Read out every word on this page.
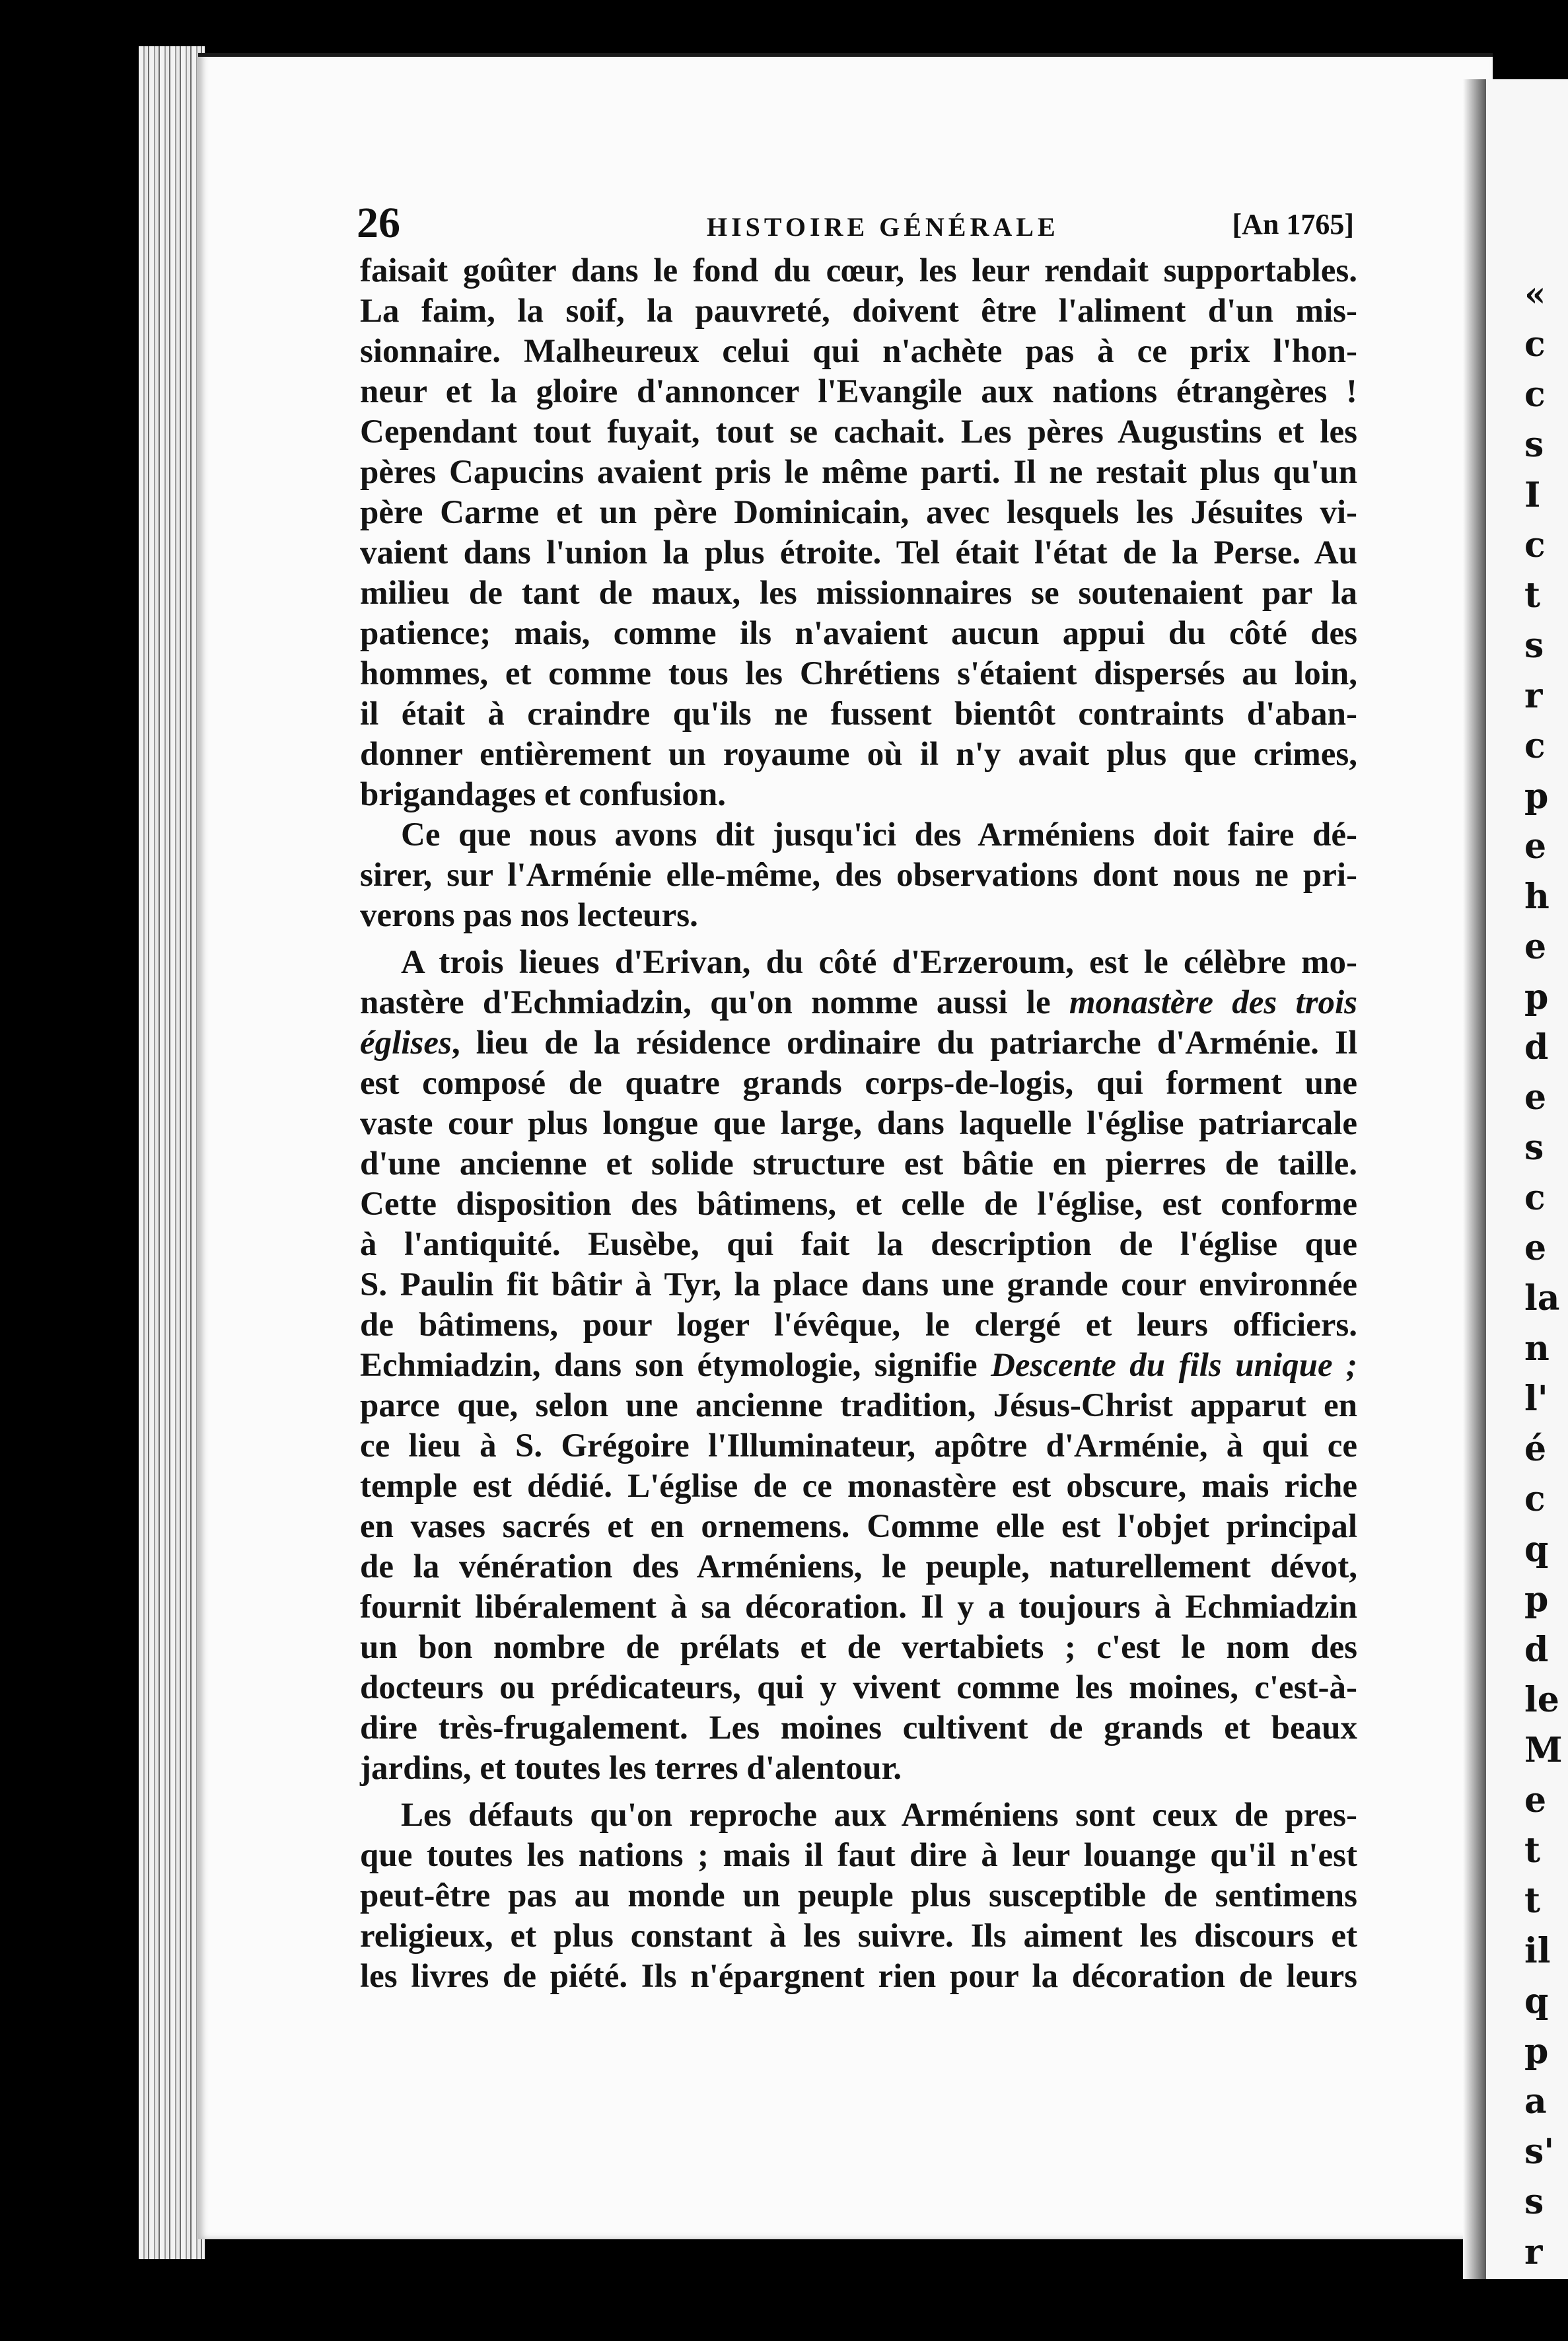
«
c
c
s
I
c
t
s
r
c
p
e
h
e
p
d
e
s
c
e
la
n
l'
é
c
q
p
d
le
M
e
t
t
il
q
p
a
s'
s
r
26	HISTOIRE GÉNÉRALE	[An 1765]
faisait goûter dans le fond du cœur, les leur rendait supportables.
La faim, la soif, la pauvreté, doivent être l'aliment d'un mis-
sionnaire. Malheureux celui qui n'achète pas à ce prix l'hon-
neur et la gloire d'annoncer l'Evangile aux nations étrangères !
Cependant tout fuyait, tout se cachait. Les pères Augustins et les
pères Capucins avaient pris le même parti. Il ne restait plus qu'un
père Carme et un père Dominicain, avec lesquels les Jésuites vi-
vaient dans l'union la plus étroite. Tel était l'état de la Perse. Au
milieu de tant de maux, les missionnaires se soutenaient par la
patience; mais, comme ils n'avaient aucun appui du côté des
hommes, et comme tous les Chrétiens s'étaient dispersés au loin,
il était à craindre qu'ils ne fussent bientôt contraints d'aban-
donner entièrement un royaume où il n'y avait plus que crimes,
brigandages et confusion.
Ce que nous avons dit jusqu'ici des Arméniens doit faire dé-
sirer, sur l'Arménie elle-même, des observations dont nous ne pri-
verons pas nos lecteurs.
A trois lieues d'Erivan, du côté d'Erzeroum, est le célèbre mo-
nastère d'Echmiadzin, qu'on nomme aussi le monastère des trois
églises, lieu de la résidence ordinaire du patriarche d'Arménie. Il
est composé de quatre grands corps-de-logis, qui forment une
vaste cour plus longue que large, dans laquelle l'église patriarcale
d'une ancienne et solide structure est bâtie en pierres de taille.
Cette disposition des bâtimens, et celle de l'église, est conforme
à l'antiquité. Eusèbe, qui fait la description de l'église que
S. Paulin fit bâtir à Tyr, la place dans une grande cour environnée
de bâtimens, pour loger l'évêque, le clergé et leurs officiers.
Echmiadzin, dans son étymologie, signifie Descente du fils unique ;
parce que, selon une ancienne tradition, Jésus-Christ apparut en
ce lieu à S. Grégoire l'Illuminateur, apôtre d'Arménie, à qui ce
temple est dédié. L'église de ce monastère est obscure, mais riche
en vases sacrés et en ornemens. Comme elle est l'objet principal
de la vénération des Arméniens, le peuple, naturellement dévot,
fournit libéralement à sa décoration. Il y a toujours à Echmiadzin
un bon nombre de prélats et de vertabiets ; c'est le nom des
docteurs ou prédicateurs, qui y vivent comme les moines, c'est-à-
dire très-frugalement. Les moines cultivent de grands et beaux
jardins, et toutes les terres d'alentour.
Les défauts qu'on reproche aux Arméniens sont ceux de pres-
que toutes les nations ; mais il faut dire à leur louange qu'il n'est
peut-être pas au monde un peuple plus susceptible de sentimens
religieux, et plus constant à les suivre. Ils aiment les discours et
les livres de piété. Ils n'épargnent rien pour la décoration de leurs
